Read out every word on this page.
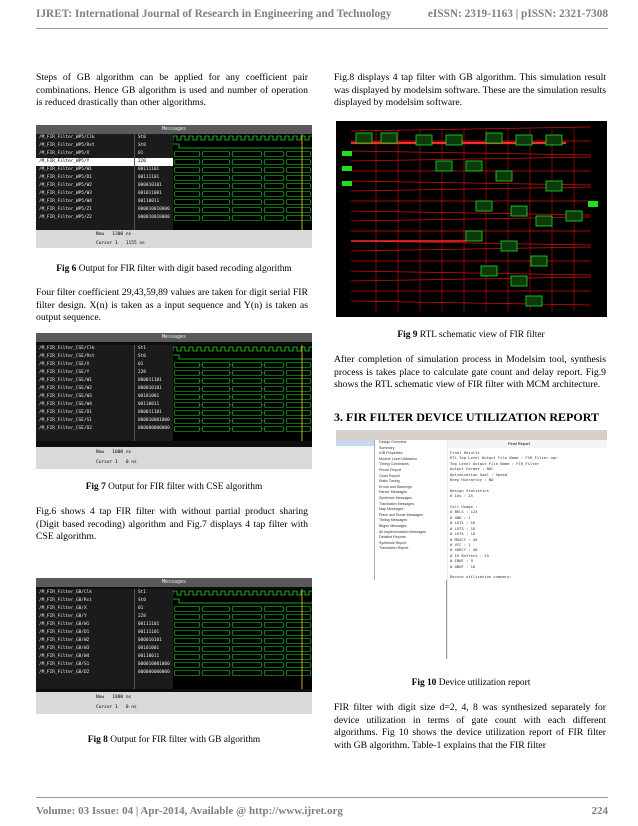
IJRET: International Journal of Research in Engineering and Technology	eISSN: 2319-1163 | pISSN: 2321-7308
Steps of GB algorithm can be applied for any coefficient pair combinations. Hence GB algorithm is used and number of operation is reduced drastically than other algorithms.
Messages
/M_FIR_Filter_WP5/Clk
/M_FIR_Filter_WP5/Rst
/M_FIR_Filter_WP5/X
/M_FIR_Filter_WP5/Y
/M_FIR_Filter_WP5/W1
/M_FIR_Filter_WP5/D1
/M_FIR_Filter_WP5/W2
/M_FIR_Filter_WP5/W3
/M_FIR_Filter_WP5/W4
/M_FIR_Filter_WP5/Z1
/M_FIR_Filter_WP5/Z2
St0
St0
01
220
00111101
00111101
000010101
001011001
00110011
000010010000
000010010000
Now 1300 ns
Cursor 1 1155 ns
Fig 6 Output for FIR filter with digit based recoding algorithm
Four filter coefficient 29,43,59,89 values are taken for digit serial FIR filter design. X(n) is taken as a input sequence and Y(n) is taken as output sequence.
Messages
/M_FIR_Filter_CSE/Clk
/M_FIR_Filter_CSE/Rst
/M_FIR_Filter_CSE/X
/M_FIR_Filter_CSE/Y
/M_FIR_Filter_CSE/W1
/M_FIR_Filter_CSE/W2
/M_FIR_Filter_CSE/W3
/M_FIR_Filter_CSE/W4
/M_FIR_Filter_CSE/D1
/M_FIR_Filter_CSE/S1
/M_FIR_Filter_CSE/D2
St1
St0
01
228
000011101
000010101
00101001
00110011
000011101
000010001000
000000000000
Now 1000 ns
Cursor 1 0 ns
Fig 7 Output for FIR filter with CSE algorithm
Fig.6 shows 4 tap FIR filter with without partial product sharing (Digit based recoding) algorithm and Fig.7 displays 4 tap filter with CSE algorithm.
Messages
/M_FIR_Filter_GB/Clk
/M_FIR_Filter_GB/Rst
/M_FIR_Filter_GB/X
/M_FIR_Filter_GB/Y
/M_FIR_Filter_GB/W1
/M_FIR_Filter_GB/D1
/M_FIR_Filter_GB/W2
/M_FIR_Filter_GB/W3
/M_FIR_Filter_GB/W4
/M_FIR_Filter_GB/S1
/M_FIR_Filter_GB/D2
St1
St0
01
228
00111101
00111101
000010101
00101001
00110011
000010001000
000000000000
Now 1000 ns
Cursor 1 0 ns
Fig 8 Output for FIR filter with GB algorithm
Fig.8 displays 4 tap filter with GB algorithm. This simulation result was displayed by modelsim software. These are the simulation results displayed by modelsim software.
Fig 9 RTL schematic view of FIR filter
After completion of simulation process in Modelsim tool, synthesis process is takes place to calculate gate count and delay report. Fig.9 shows the RTL schematic view of FIR filter with MCM architecture.
3. FIR FILTER DEVICE UTILIZATION REPORT
Design Overview
Summary
IOB Properties
Module Level Utilization
Timing Constraints
Pinout Report
Clock Report
Static Timing
Errors and Warnings
Parser Messages
Synthesis Messages
Translation Messages
Map Messages
Place and Route Messages
Timing Messages
Bitgen Messages
All Implementation Messages
Detailed Reports
Synthesis Report
Translation Report
Final Report
Final Results
RTL Top Level Output File Name : FIR_Filter.ngr
Top Level Output File Name : FIR_Filter
Output Format : NGC
Optimization Goal : Speed
Keep Hierarchy : NO

Design Statistics
# IOs : 25

Cell Usage :
# BELS : 124
# GND : 1
# LUT2 : 16
# LUT3 : 18
# LUT4 : 18
# MUXCY : 40
# VCC : 1
# XORCY : 40
# IO Buffers : 25
# IBUF : 9
# OBUF : 16

Device utilization summary:
Fig 10 Device utilization report
FIR filter with digit size d=2, 4, 8 was synthesized separately for device utilization in terms of gate count with each different algorithms. Fig 10 shows the device utilization report of FIR filter with GB algorithm. Table-1 explains that the FIR filter
Volume: 03 Issue: 04 | Apr-2014, Available @ http://www.ijret.org	224
